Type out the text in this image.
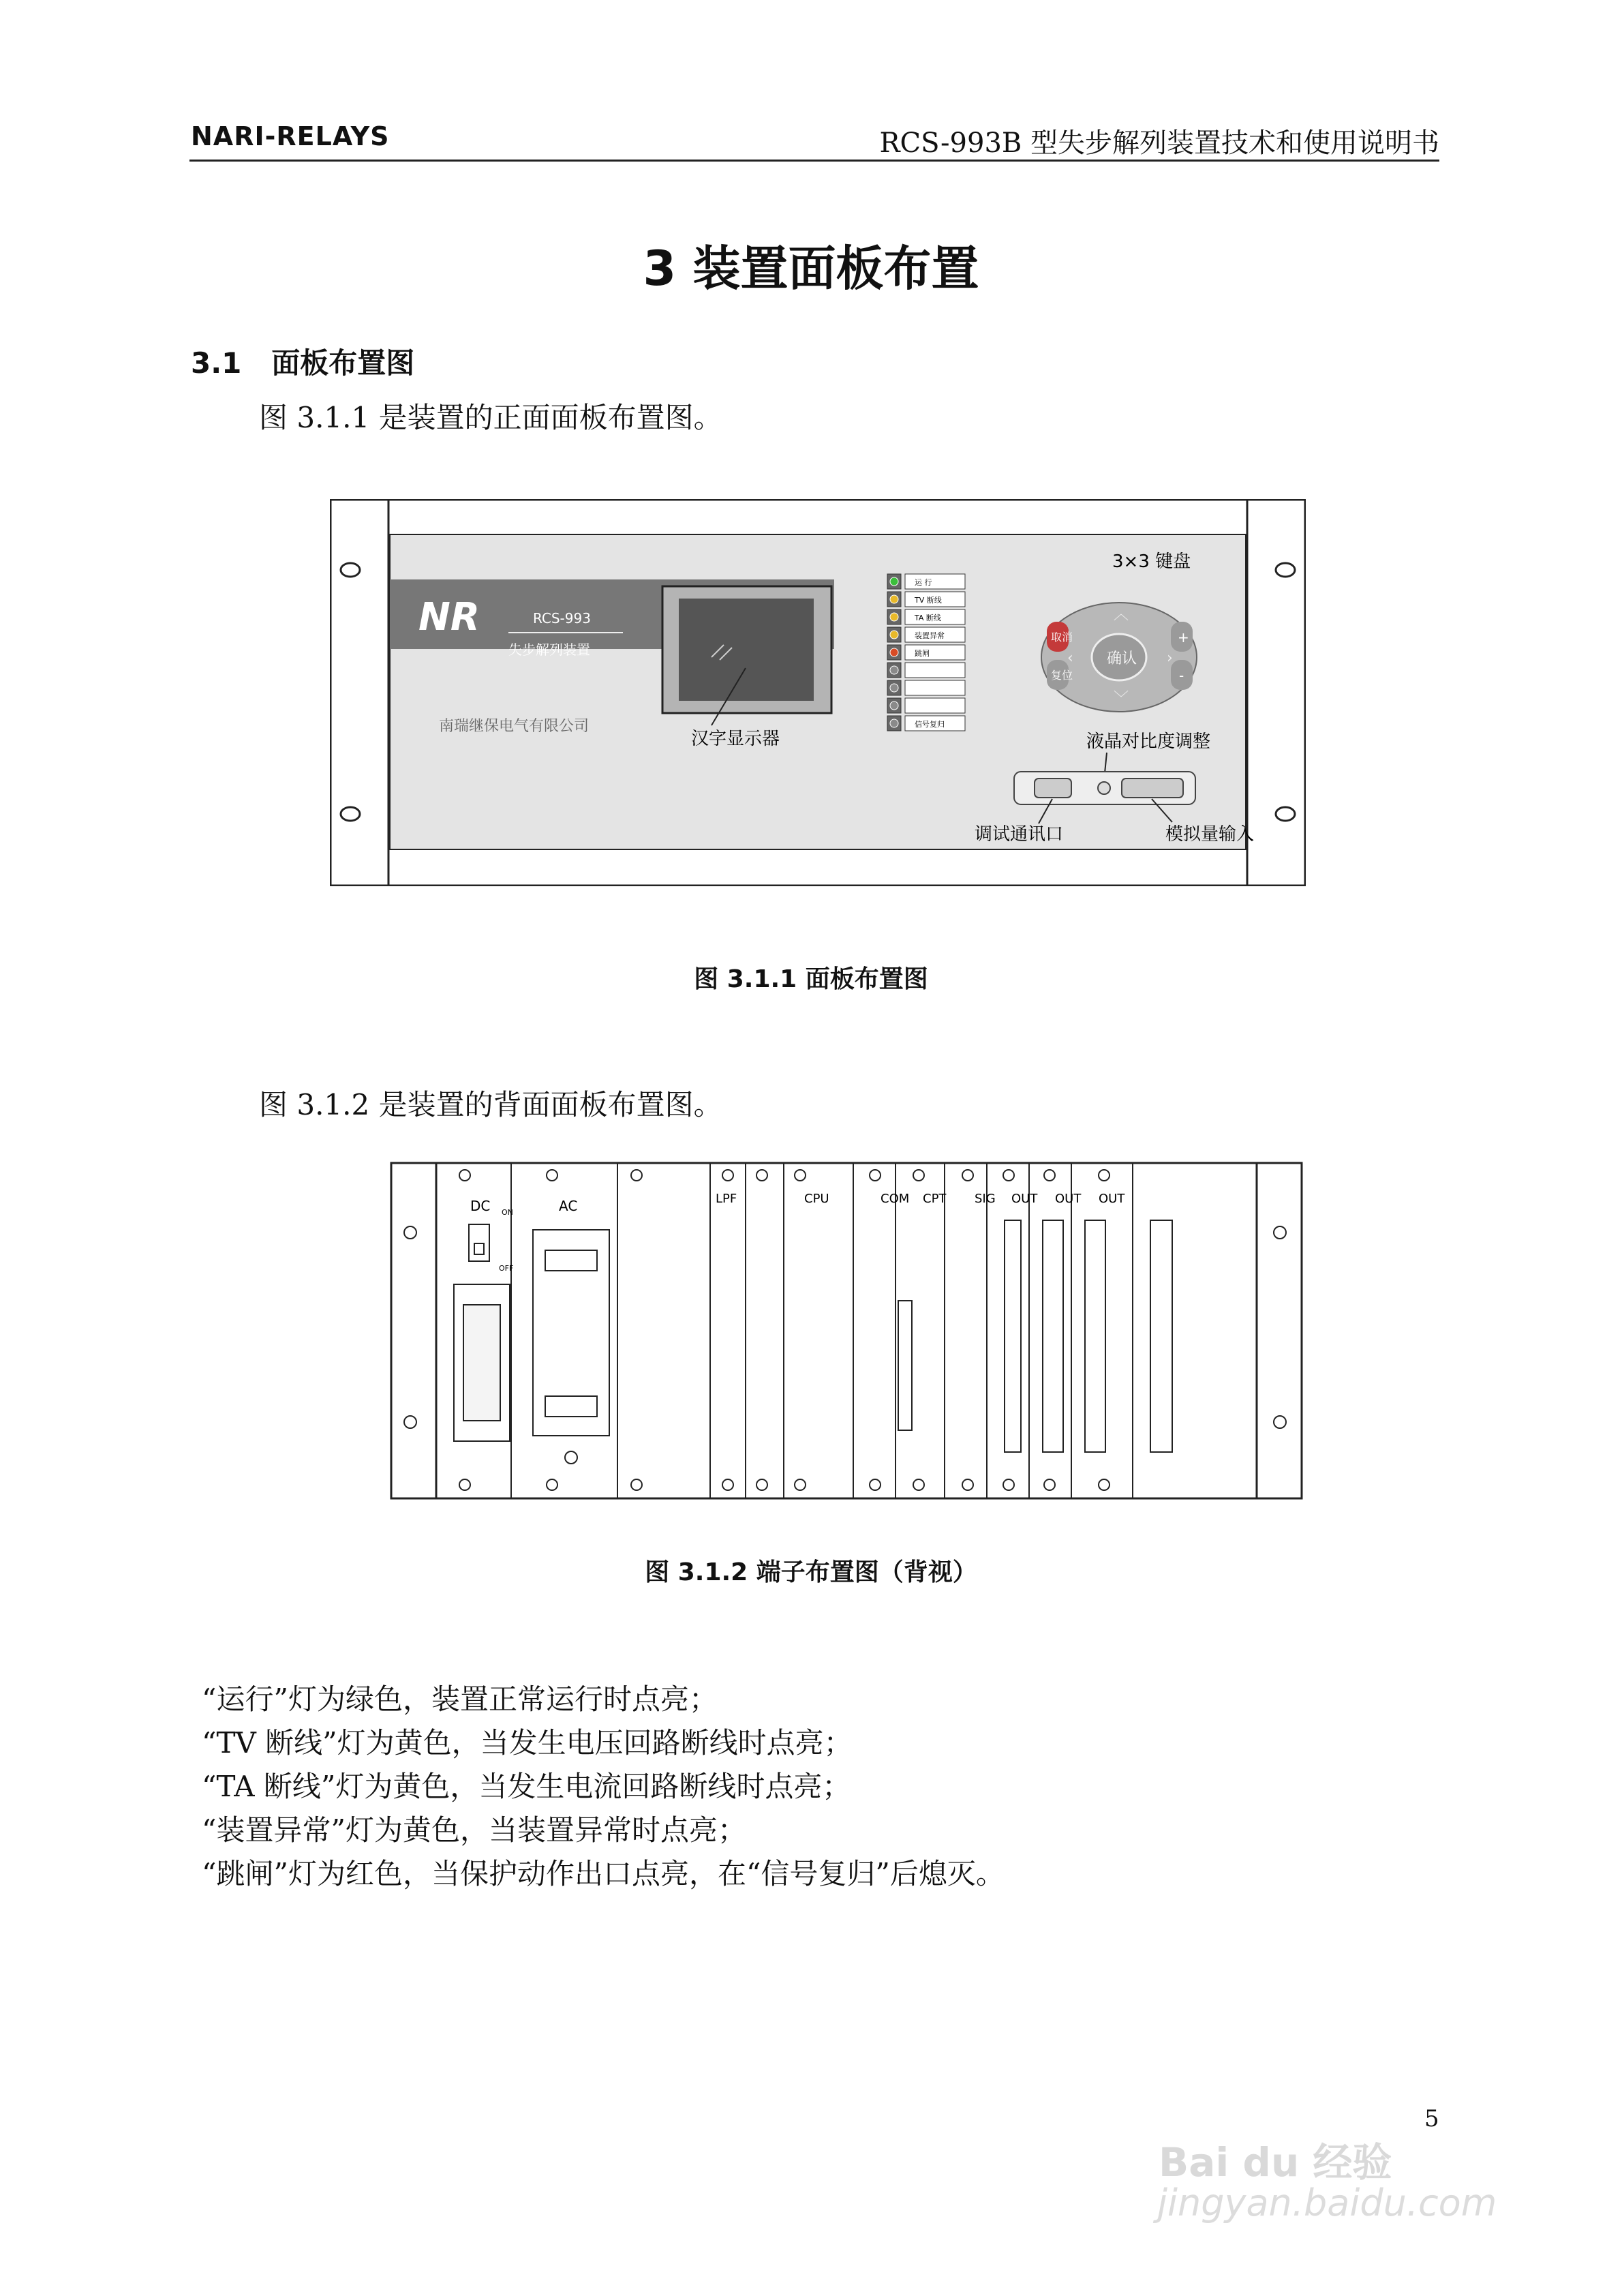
NARI-RELAYS	RCS-993B 型失步解列装置技术和使用说明书
3 装置面板布置
3.1 面板布置图
图 3.1.1 是装置的正面面板布置图。
NR	RCS-993
失步解列装置
南瑞继保电气有限公司
汉字显示器
运 行
TV 断线
TA 断线
装置异常
跳闸
信号复归
3×3 键盘
确认
︿
﹀
‹	›
取消
复位
+
-
液晶对比度调整
调试通讯口	模拟量输入
图 3.1.1 面板布置图
图 3.1.2 是装置的背面面板布置图。
LPF	CPU	COM CPT SIG OUT OUT OUT
DC ON
OFF
AC
图 3.1.2 端子布置图（背视）
“运行”灯为绿色，装置正常运行时点亮；
“TV 断线”灯为黄色，当发生电压回路断线时点亮；
“TA 断线”灯为黄色，当发生电流回路断线时点亮；
“装置异常”灯为黄色，当装置异常时点亮；
“跳闸”灯为红色，当保护动作出口点亮，在“信号复归”后熄灭。
5
Bai du 经验
jingyan.baidu.com
